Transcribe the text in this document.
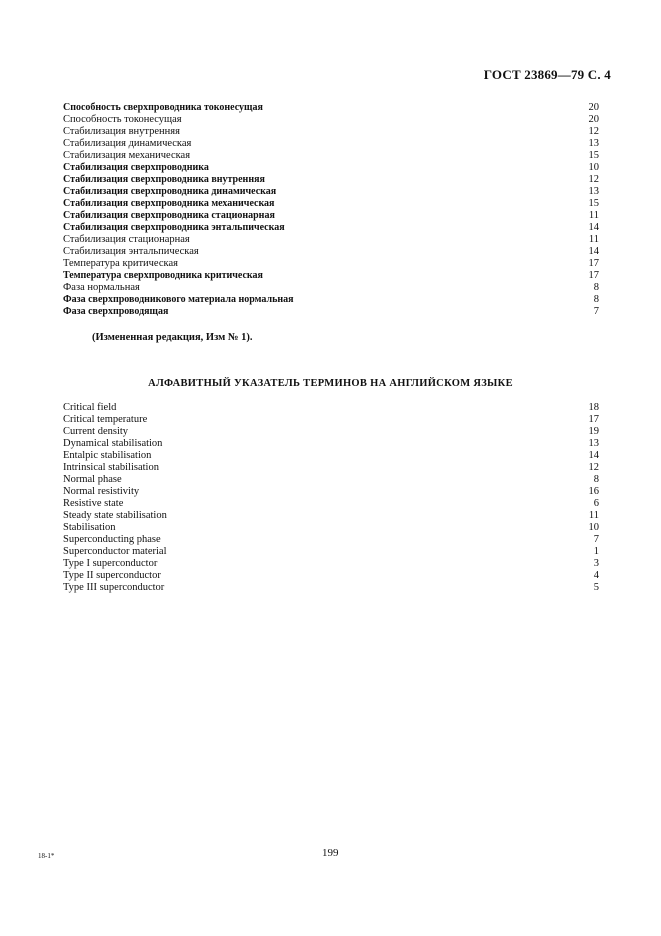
ГОСТ 23869—79 С. 4
Способность сверхпроводника токонесущая	20
Способность токонесущая	20
Стабилизация внутренняя	12
Стабилизация динамическая	13
Стабилизация механическая	15
Стабилизация сверхпроводника	10
Стабилизация сверхпроводника внутренняя	12
Стабилизация сверхпроводника динамическая	13
Стабилизация сверхпроводника механическая	15
Стабилизация сверхпроводника стационарная	11
Стабилизация сверхпроводника энтальпическая	14
Стабилизация стационарная	11
Стабилизация энтальпическая	14
Температура критическая	17
Температура сверхпроводника критическая	17
Фаза нормальная	8
Фаза сверхпроводникового материала нормальная	8
Фаза сверхпроводящая	7
(Измененная редакция, Изм № 1).
АЛФАВИТНЫЙ УКАЗАТЕЛЬ ТЕРМИНОВ НА АНГЛИЙСКОМ ЯЗЫКЕ
Critical field	18
Critical temperature	17
Current density	19
Dynamical stabilisation	13
Entalpic stabilisation	14
Intrinsical stabilisation	12
Normal phase	8
Normal resistivity	16
Resistive state	6
Steady state stabilisation	11
Stabilisation	10
Superconducting phase	7
Superconductor material	1
Type I superconductor	3
Type II superconductor	4
Type III superconductor	5
18-1*	199
